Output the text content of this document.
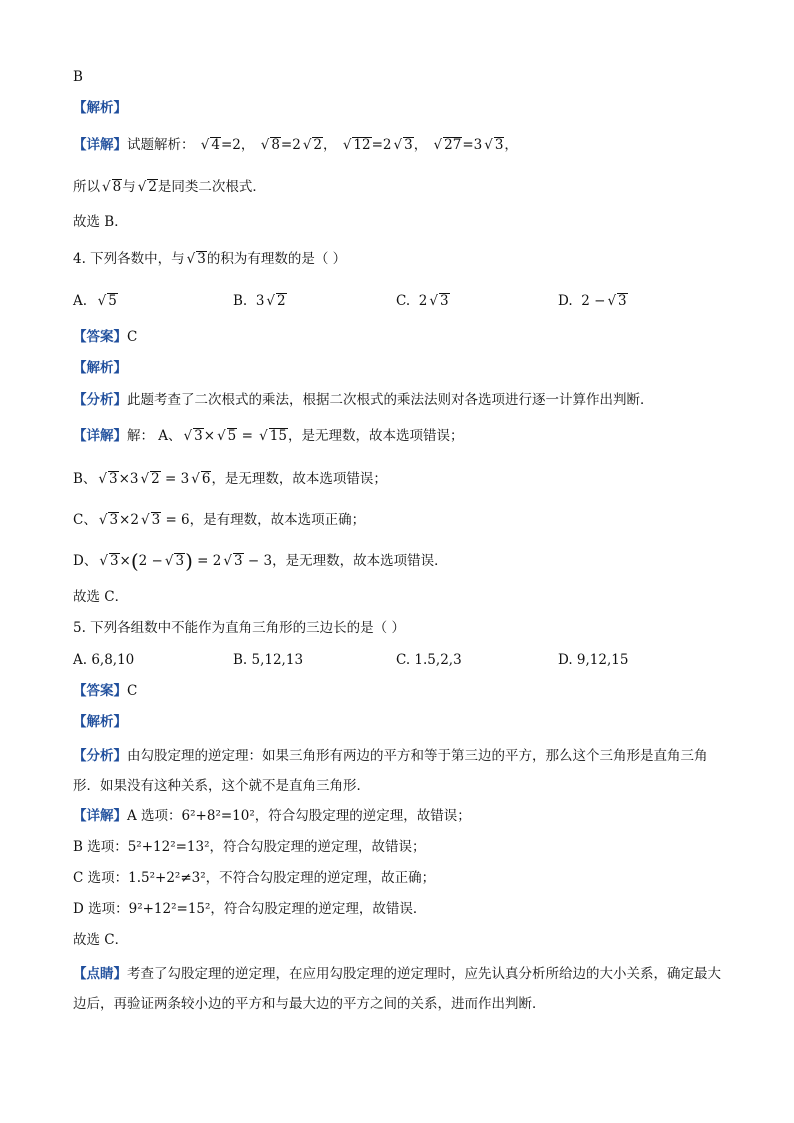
B
【解析】
【详解】试题解析： √ 4=2， √ 8=2 √ 2， √ 12=2 √ 3， √ 27=3 √ 3，
所以 √ 8与 √ 2是同类二次根式．
故选 B．
4. 下列各数中，与 √ 3的积为有理数的是（ ）
A. √ 5	B. 3 √ 2	C. 2 √ 3	D. 2 − √ 3
【答案】C
【解析】
【分析】此题考查了二次根式的乘法，根据二次根式的乘法法则对各选项进行逐一计算作出判断．
【详解】解： A、 √ 3× √ 5 = √ 15，是无理数，故本选项错误；
B、 √ 3×3 √ 2 = 3 √ 6，是无理数，故本选项错误；
C、 √ 3×2 √ 3 = 6，是有理数，故本选项正确；
D、 √ 3×(2 − √ 3) = 2 √ 3 − 3，是无理数，故本选项错误．
故选 C．
5. 下列各组数中不能作为直角三角形的三边长的是（ ）
A. 6,8,10	B. 5,12,13	C. 1.5,2,3	D. 9,12,15
【答案】C
【解析】
【分析】由勾股定理的逆定理：如果三角形有两边的平方和等于第三边的平方，那么这个三角形是直角三角形．如果没有这种关系，这个就不是直角三角形．
【详解】A 选项：6²+8²=10²，符合勾股定理的逆定理，故错误；
B 选项：5²+12²=13²，符合勾股定理的逆定理，故错误；
C 选项：1.5²+2²≠3²，不符合勾股定理的逆定理，故正确；
D 选项：9²+12²=15²，符合勾股定理的逆定理，故错误．
故选 C．
【点睛】考查了勾股定理的逆定理，在应用勾股定理的逆定理时，应先认真分析所给边的大小关系，确定最大边后，再验证两条较小边的平方和与最大边的平方之间的关系，进而作出判断．
